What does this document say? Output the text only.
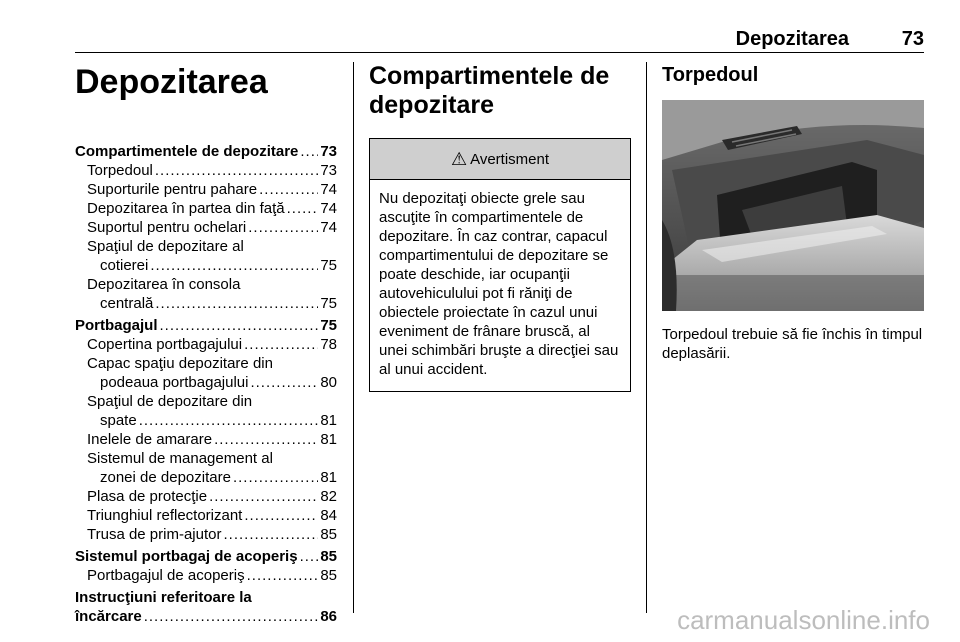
Depozitarea	73
Depozitarea
Compartimentele de depozitare ..... 73
Torpedoul .....	73
Suporturile pentru pahare .....	74
Depozitarea în partea din faţă ..... 74
Suportul pentru ochelari .....	74
Spaţiul de depozitare al
cotierei .....	75
Depozitarea în consola
centrală .....	75
Portbagajul .....	75
Copertina portbagajului .....	78
Capac spaţiu depozitare din
podeaua portbagajului .....	80
Spaţiul de depozitare din
spate .....	81
Inelele de amarare .....	81
Sistemul de management al
zonei de depozitare .....	81
Plasa de protecţie .....	82
Triunghiul reflectorizant .....	84
Trusa de prim-ajutor .....	85
Sistemul portbagaj de acoperiş ..... 85
Portbagajul de acoperiş .....	85
Instrucţiuni referitoare la
încărcare .....	86
Compartimentele de
depozitare
⚠ Avertisment
Nu depozitaţi obiecte grele sau ascuţite în compartimentele de depozitare. În caz contrar, capacul compartimentului de depozitare se poate deschide, iar ocupanţii autovehiculului pot fi răniţi de obiectele proiectate în cazul unui eveniment de frânare bruscă, al unei schimbări bruşte a direcţiei sau al unui accident.
Torpedoul
Torpedoul trebuie să fie închis în timpul deplasării.
carmanualsonline.info
